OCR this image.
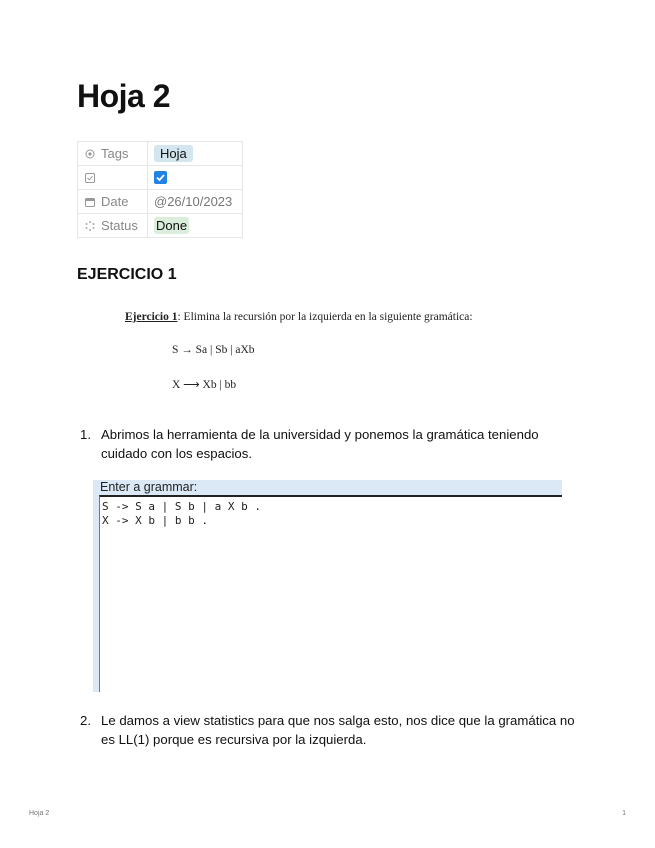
Hoja 2
Tags	Hoja

Date	@26/10/2023
Status	Done
EJERCICIO 1
Ejercicio 1: Elimina la recursión por la izquierda en la siguiente gramática:
S → Sa | Sb | aXb
X ⟶ Xb | bb
1. Abrimos la herramienta de la universidad y ponemos la gramática teniendo cuidado con los espacios.
Enter a grammar:
S -> S a | S b | a X b .
X -> X b | b b .
2. Le damos a view statistics para que nos salga esto, nos dice que la gramática no es LL(1) porque es recursiva por la izquierda.
Hoja 2	1
